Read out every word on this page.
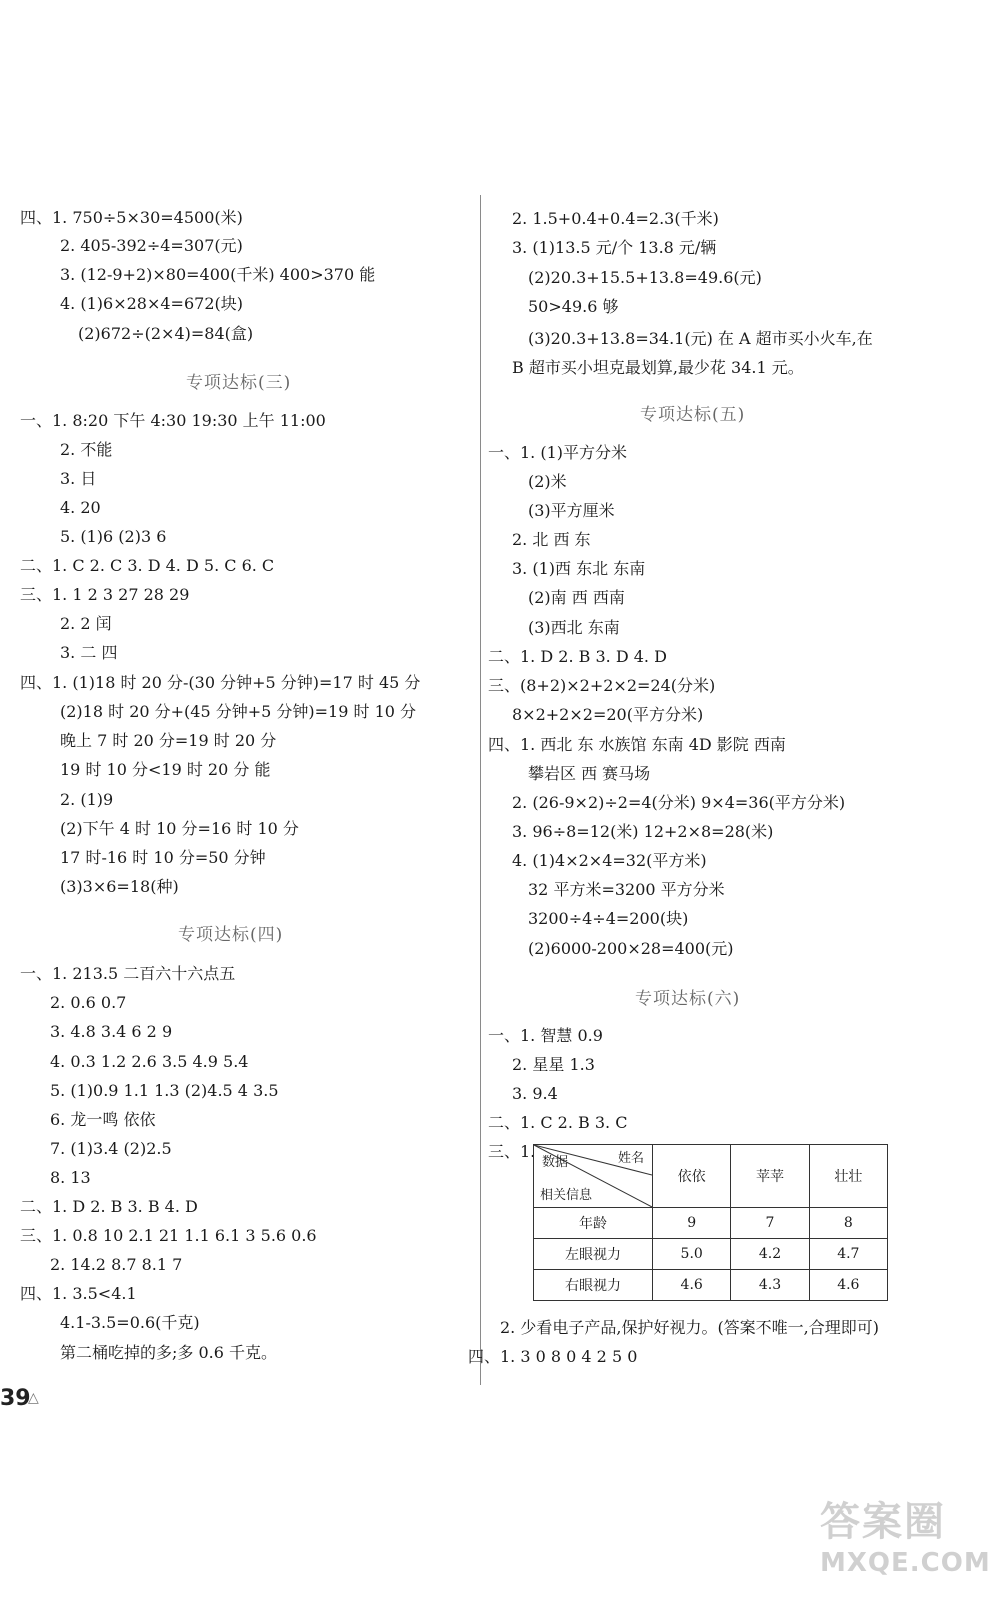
四、1. 750÷5×30=4500(米)
2. 405-392÷4=307(元)
3. (12-9+2)×80=400(千米) 400>370 能
4. (1)6×28×4=672(块)
(2)672÷(2×4)=84(盒)
一、1. 8:20 下午 4:30 19:30 上午 11:00
2. 不能
3. 日
4. 20
5. (1)6 (2)3 6
二、1. C 2. C 3. D 4. D 5. C 6. C
三、1. 1 2 3 27 28 29
2. 2 闰
3. 二 四
四、1. (1)18 时 20 分-(30 分钟+5 分钟)=17 时 45 分
(2)18 时 20 分+(45 分钟+5 分钟)=19 时 10 分
晚上 7 时 20 分=19 时 20 分
19 时 10 分<19 时 20 分 能
2. (1)9
(2)下午 4 时 10 分=16 时 10 分
17 时-16 时 10 分=50 分钟
(3)3×6=18(种)
一、1. 213.5 二百六十六点五
2. 0.6 0.7
3. 4.8 3.4 6 2 9
4. 0.3 1.2 2.6 3.5 4.9 5.4
5. (1)0.9 1.1 1.3 (2)4.5 4 3.5
6. 龙一鸣 依依
7. (1)3.4 (2)2.5
8. 13
二、1. D 2. B 3. B 4. D
三、1. 0.8 10 2.1 21 1.1 6.1 3 5.6 0.6
2. 14.2 8.7 8.1 7
四、1. 3.5<4.1
4.1-3.5=0.6(千克)
第二桶吃掉的多;多 0.6 千克。
专项达标(三)
专项达标(四)
2. 1.5+0.4+0.4=2.3(千米)
3. (1)13.5 元/个 13.8 元/辆
(2)20.3+15.5+13.8=49.6(元)
50>49.6 够
(3)20.3+13.8=34.1(元) 在 A 超市买小火车,在
B 超市买小坦克最划算,最少花 34.1 元。
一、1. (1)平方分米
(2)米
(3)平方厘米
2. 北 西 东
3. (1)西 东北 东南
(2)南 西 西南
(3)西北 东南
二、1. D 2. B 3. D 4. D
三、(8+2)×2+2×2=24(分米)
8×2+2×2=20(平方分米)
四、1. 西北 东 水族馆 东南 4D 影院 西南
攀岩区 西 赛马场
2. (26-9×2)÷2=4(分米) 9×4=36(平方分米)
3. 96÷8=12(米) 12+2×8=28(米)
4. (1)4×2×4=32(平方米)
32 平方米=3200 平方分米
3200÷4÷4=200(块)
(2)6000-200×28=400(元)
一、1. 智慧 0.9
2. 星星 1.3
3. 9.4
二、1. C 2. B 3. C
三、1.
2. 少看电子产品,保护好视力。(答案不唯一,合理即可)
四、1. 3 0 8 0 4 2 5 0
专项达标(五)
专项达标(六)
数据 姓名
相关信息	依依	苹苹	壮壮
年龄	9	7	8
左眼视力	5.0	4.2	4.7
右眼视力	4.6	4.3	4.6
39
△
答案圈
MXQE.COM
